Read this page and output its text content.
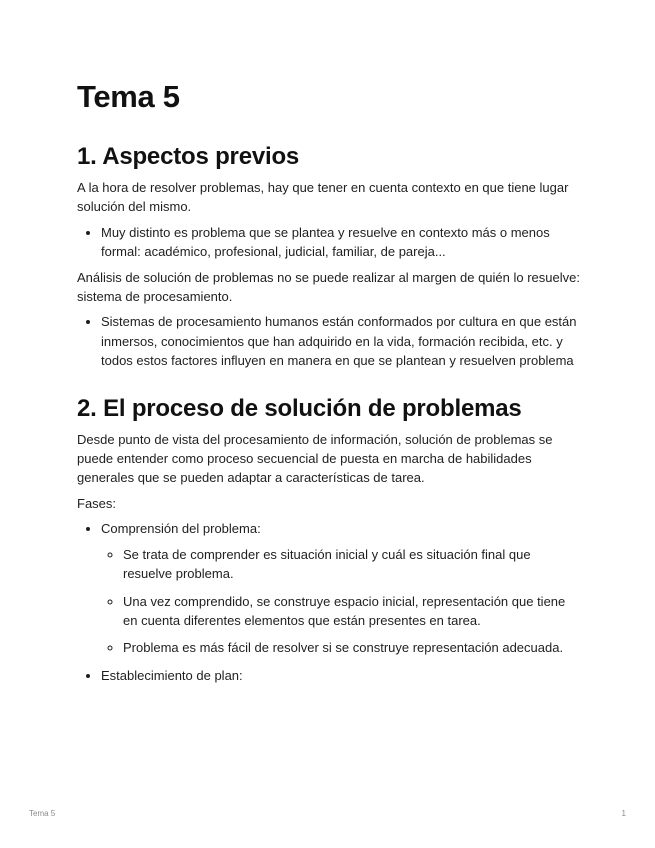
Tema 5
1. Aspectos previos

A la hora de resolver problemas, hay que tener en cuenta contexto en que tiene lugar solución del mismo.

• Muy distinto es problema que se plantea y resuelve en contexto más o menos formal: académico, profesional, judicial, familiar, de pareja...

Análisis de solución de problemas no se puede realizar al margen de quién lo resuelve: sistema de procesamiento.

• Sistemas de procesamiento humanos están conformados por cultura en que están inmersos, conocimientos que han adquirido en la vida, formación recibida, etc. y todos estos factores influyen en manera en que se plantean y resuelven problema
2. El proceso de solución de problemas

Desde punto de vista del procesamiento de información, solución de problemas se puede entender como proceso secuencial de puesta en marcha de habilidades generales que se pueden adaptar a características de tarea.

Fases:

• Comprensión del problema:
◦ Se trata de comprender es situación inicial y cuál es situación final que resuelve problema.
◦ Una vez comprendido, se construye espacio inicial, representación que tiene en cuenta diferentes elementos que están presentes en tarea.
◦ Problema es más fácil de resolver si se construye representación adecuada.
• Establecimiento de plan:
Tema 5	1
